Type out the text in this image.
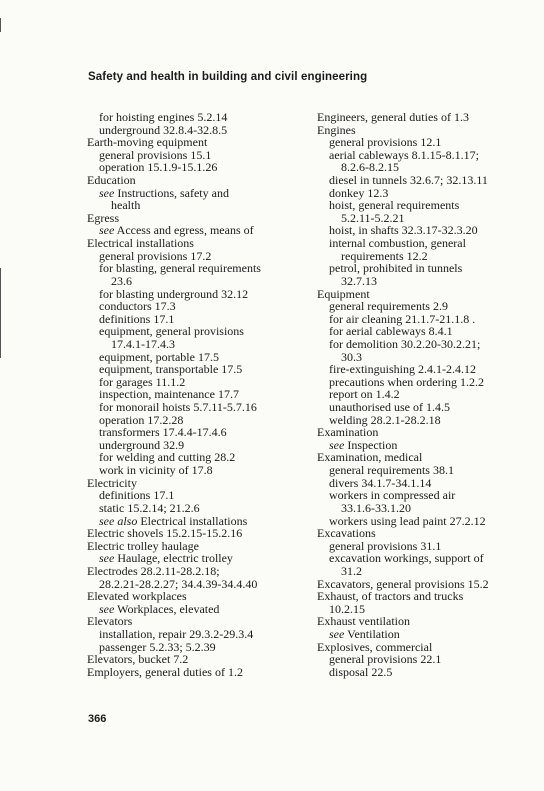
Safety and health in building and civil engineering
for hoisting engines 5.2.14
underground 32.8.4-32.8.5
Earth-moving equipment
general provisions 15.1
operation 15.1.9-15.1.26
Education
see Instructions, safety and
health
Egress
see Access and egress, means of
Electrical installations
general provisions 17.2
for blasting, general requirements
23.6
for blasting underground 32.12
conductors 17.3
definitions 17.1
equipment, general provisions
17.4.1-17.4.3
equipment, portable 17.5
equipment, transportable 17.5
for garages 11.1.2
inspection, maintenance 17.7
for monorail hoists 5.7.11-5.7.16
operation 17.2.28
transformers 17.4.4-17.4.6
underground 32.9
for welding and cutting 28.2
work in vicinity of 17.8
Electricity
definitions 17.1
static 15.2.14; 21.2.6
see also Electrical installations
Electric shovels 15.2.15-15.2.16
Electric trolley haulage
see Haulage, electric trolley
Electrodes 28.2.11-28.2.18;
28.2.21-28.2.27; 34.4.39-34.4.40
Elevated workplaces
see Workplaces, elevated
Elevators
installation, repair 29.3.2-29.3.4
passenger 5.2.33; 5.2.39
Elevators, bucket 7.2
Employers, general duties of 1.2
Engineers, general duties of 1.3
Engines
general provisions 12.1
aerial cableways 8.1.15-8.1.17;
8.2.6-8.2.15
diesel in tunnels 32.6.7; 32.13.11
donkey 12.3
hoist, general requirements
5.2.11-5.2.21
hoist, in shafts 32.3.17-32.3.20
internal combustion, general
requirements 12.2
petrol, prohibited in tunnels
32.7.13
Equipment
general requirements 2.9
for air cleaning 21.1.7-21.1.8 .
for aerial cableways 8.4.1
for demolition 30.2.20-30.2.21;
30.3
fire-extinguishing 2.4.1-2.4.12
precautions when ordering 1.2.2
report on 1.4.2
unauthorised use of 1.4.5
welding 28.2.1-28.2.18
Examination
see Inspection
Examination, medical
general requirements 38.1
divers 34.1.7-34.1.14
workers in compressed air
33.1.6-33.1.20
workers using lead paint 27.2.12
Excavations
general provisions 31.1
excavation workings, support of
31.2
Excavators, general provisions 15.2
Exhaust, of tractors and trucks
10.2.15
Exhaust ventilation
see Ventilation
Explosives, commercial
general provisions 22.1
disposal 22.5
366
